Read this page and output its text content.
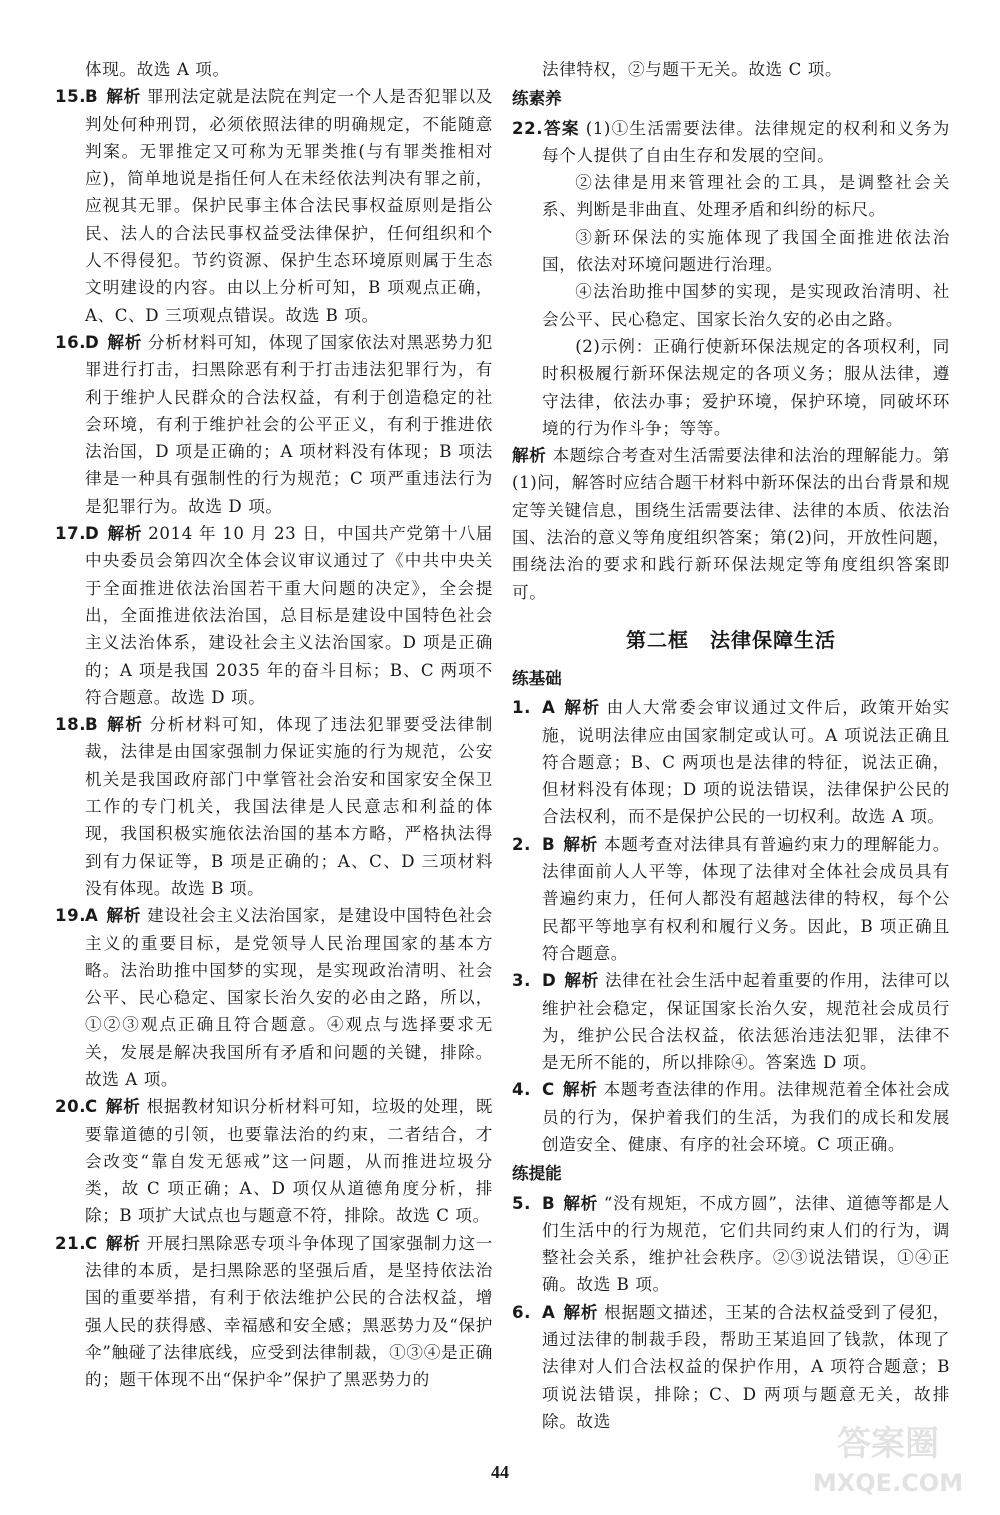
体现。故选 A 项。

15.
B 解析 罪刑法定就是法院在判定一个人是否犯罪以及判处何种刑罚，必须依照法律的明确规定，不能随意判案。无罪推定又可称为无罪类推(与有罪类推相对应)，简单地说是指任何人在未经依法判决有罪之前，应视其无罪。保护民事主体合法民事权益原则是指公民、法人的合法民事权益受法律保护，任何组织和个人不得侵犯。节约资源、保护生态环境原则属于生态文明建设的内容。由以上分析可知，B 项观点正确，A、C、D 三项观点错误。故选 B 项。

16.
D 解析 分析材料可知，体现了国家依法对黑恶势力犯罪进行打击，扫黑除恶有利于打击违法犯罪行为，有利于维护人民群众的合法权益，有利于创造稳定的社会环境，有利于维护社会的公平正义，有利于推进依法治国，D 项是正确的；A 项材料没有体现；B 项法律是一种具有强制性的行为规范；C 项严重违法行为是犯罪行为。故选 D 项。

17.
D 解析 2014 年 10 月 23 日，中国共产党第十八届中央委员会第四次全体会议审议通过了《中共中央关于全面推进依法治国若干重大问题的决定》，全会提出，全面推进依法治国，总目标是建设中国特色社会主义法治体系，建设社会主义法治国家。D 项是正确的；A 项是我国 2035 年的奋斗目标；B、C 两项不符合题意。故选 D 项。

18.
B 解析 分析材料可知，体现了违法犯罪要受法律制裁，法律是由国家强制力保证实施的行为规范，公安机关是我国政府部门中掌管社会治安和国家安全保卫工作的专门机关，我国法律是人民意志和利益的体现，我国积极实施依法治国的基本方略，严格执法得到有力保证等，B 项是正确的；A、C、D 三项材料没有体现。故选 B 项。

19.
A 解析 建设社会主义法治国家，是建设中国特色社会主义的重要目标，是党领导人民治理国家的基本方略。法治助推中国梦的实现，是实现政治清明、社会公平、民心稳定、国家长治久安的必由之路，所以，①②③观点正确且符合题意。④观点与选择要求无关，发展是解决我国所有矛盾和问题的关键，排除。故选 A 项。

20.
C 解析 根据教材知识分析材料可知，垃圾的处理，既要靠道德的引领，也要靠法治的约束，二者结合，才会改变“靠自发无惩戒”这一问题，从而推进垃圾分类，故 C 项正确；A、D 项仅从道德角度分析，排除；B 项扩大试点也与题意不符，排除。故选 C 项。

21.
C 解析 开展扫黑除恶专项斗争体现了国家强制力这一法律的本质，是扫黑除恶的坚强后盾，是坚持依法治国的重要举措，有利于依法维护公民的合法权益，增强人民的获得感、幸福感和安全感；黑恶势力及“保护伞”触碰了法律底线，应受到法律制裁，①③④是正确的；题干体现不出“保护伞”保护了黑恶势力的

法律特权，②与题干无关。故选 C 项。

练素养

22. 答案 (1)①生活需要法律。法律规定的权利和义务为每个人提供了自由生存和发展的空间。

②法律是用来管理社会的工具，是调整社会关系、判断是非曲直、处理矛盾和纠纷的标尺。

③新环保法的实施体现了我国全面推进依法治国，依法对环境问题进行治理。

④法治助推中国梦的实现，是实现政治清明、社会公平、民心稳定、国家长治久安的必由之路。

(2)示例：正确行使新环保法规定的各项权利，同时积极履行新环保法规定的各项义务；服从法律，遵守法律，依法办事；爱护环境，保护环境，同破坏环境的行为作斗争；等等。

解析 本题综合考查对生活需要法律和法治的理解能力。第(1)问，解答时应结合题干材料中新环保法的出台背景和规定等关键信息，围绕生活需要法律、法律的本质、依法治国、法治的意义等角度组织答案；第(2)问，开放性问题，围绕法治的要求和践行新环保法规定等角度组织答案即可。

第二框　法律保障生活
练基础

1. A 解析 由人大常委会审议通过文件后，政策开始实施，说明法律应由国家制定或认可。A 项说法正确且符合题意；B、C 两项也是法律的特征，说法正确，但材料没有体现；D 项的说法错误，法律保护公民的合法权利，而不是保护公民的一切权利。故选 A 项。

2. B 解析 本题考查对法律具有普遍约束力的理解能力。法律面前人人平等，体现了法律对全体社会成员具有普遍约束力，任何人都没有超越法律的特权，每个公民都平等地享有权利和履行义务。因此，B 项正确且符合题意。

3. D 解析 法律在社会生活中起着重要的作用，法律可以维护社会稳定，保证国家长治久安，规范社会成员行为，维护公民合法权益，依法惩治违法犯罪，法律不是无所不能的，所以排除④。答案选 D 项。

4. C 解析 本题考查法律的作用。法律规范着全体社会成员的行为，保护着我们的生活，为我们的成长和发展创造安全、健康、有序的社会环境。C 项正确。

练提能

5. B 解析 “没有规矩，不成方圆”，法律、道德等都是人们生活中的行为规范，它们共同约束人们的行为，调整社会关系，维护社会秩序。②③说法错误，①④正确。故选 B 项。

6. A 解析 根据题文描述，王某的合法权益受到了侵犯，通过法律的制裁手段，帮助王某追回了钱款，体现了法律对人们合法权益的保护作用，A 项符合题意；B 项说法错误，排除；C、D 两项与题意无关，故排除。故选

44
答案圈
MXQE.COM
